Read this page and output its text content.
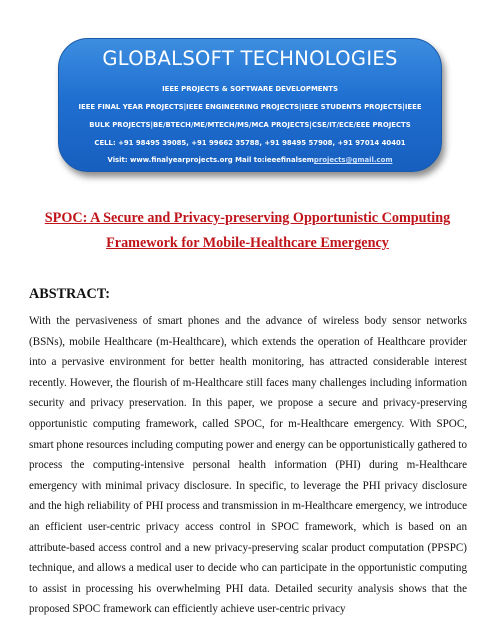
GLOBALSOFT TECHNOLOGIES
IEEE PROJECTS & SOFTWARE DEVELOPMENTS
IEEE FINAL YEAR PROJECTS|IEEE ENGINEERING PROJECTS|IEEE STUDENTS PROJECTS|IEEE
BULK PROJECTS|BE/BTECH/ME/MTECH/MS/MCA PROJECTS|CSE/IT/ECE/EEE PROJECTS
CELL: +91 98495 39085, +91 99662 35788, +91 98495 57908, +91 97014 40401
Visit: www.finalyearprojects.org Mail to:ieeefinalsemprojects@gmail.com
SPOC: A Secure and Privacy-preserving Opportunistic Computing
Framework for Mobile-Healthcare Emergency
ABSTRACT:
With the pervasiveness of smart phones and the advance of wireless body sensor networks (BSNs), mobile Healthcare (m-Healthcare), which extends the operation of Healthcare provider into a pervasive environment for better health monitoring, has attracted considerable interest recently. However, the flourish of m-Healthcare still faces many challenges including information security and privacy preservation. In this paper, we propose a secure and privacy-preserving opportunistic computing framework, called SPOC, for m-Healthcare emergency. With SPOC, smart phone resources including computing power and energy can be opportunistically gathered to process the computing-intensive personal health information (PHI) during m-Healthcare emergency with minimal privacy disclosure. In specific, to leverage the PHI privacy disclosure and the high reliability of PHI process and transmission in m-Healthcare emergency, we introduce an efficient user-centric privacy access control in SPOC framework, which is based on an attribute-based access control and a new privacy-preserving scalar product computation (PPSPC) technique, and allows a medical user to decide who can participate in the opportunistic computing to assist in processing his overwhelming PHI data. Detailed security analysis shows that the proposed SPOC framework can efficiently achieve user-centric privacy
